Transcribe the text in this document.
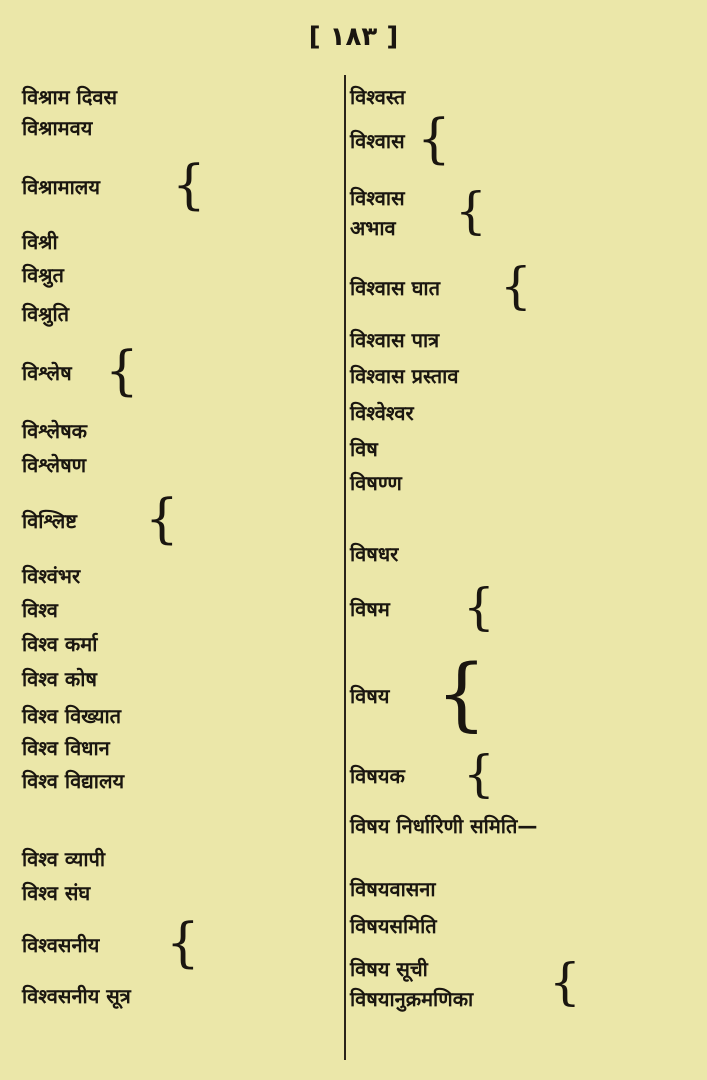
[ ۱۸۳ ]
विश्राम दिवस
विश्रामवय
विश्रामालय {
विश्री
विश्रुत
विश्रुति
विश्लेष {
विश्लेषक
विश्लेषण
विश्लिष्ट {
विश्वंभर
विश्व
विश्व कर्मा
विश्व कोष
विश्व विख्यात
विश्व विधान
विश्व विद्यालय
विश्व व्यापी
विश्व संघ
विश्वसनीय {
विश्वसनीय सूत्र
विश्वस्त
विश्वास {
विश्वास
अभाव {
विश्वास घात {
विश्वास पात्र
विश्वास प्रस्ताव
विश्वेश्वर
विष
विषण्ण
विषधर
विषम {
विषय {
विषयक {
विषय निर्धारिणी समिति—
विषयवासना
विषयसमिति
विषय सूची
विषयानुक्रमणिका {
